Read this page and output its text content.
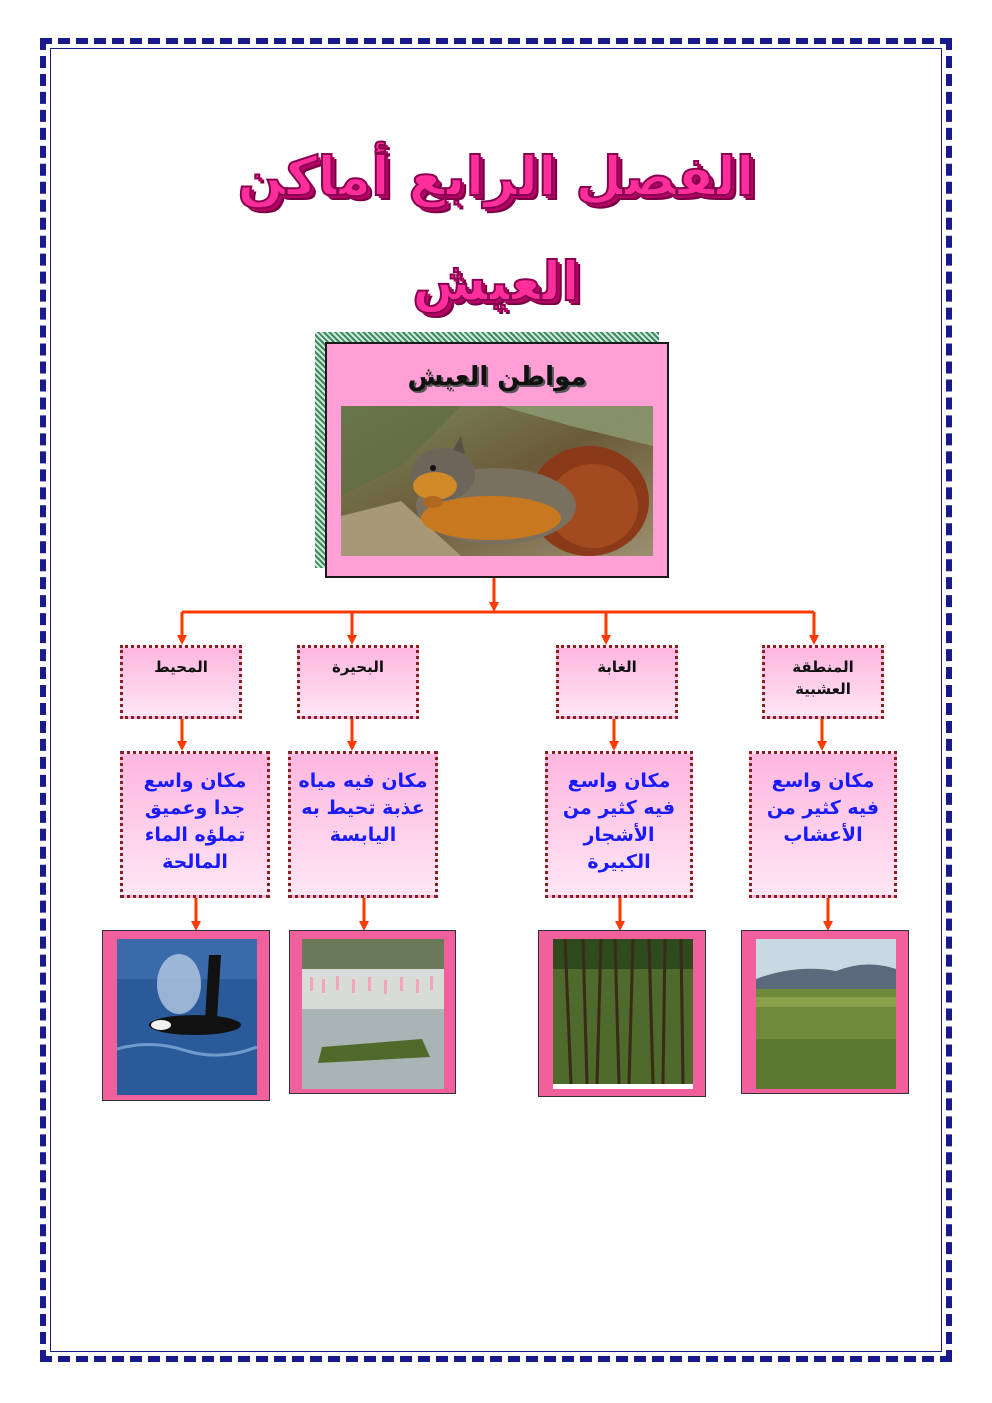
الفصل الرابع أماكن
العيش
مواطن العيش
المنطقة العشبية
الغابة
البحيرة
المحيط
مكان واسع فيه كثير من الأعشاب
مكان واسع فيه كثير من الأشجار الكبيرة
مكان فيه مياه عذبة تحيط به اليابسة
مكان واسع جدا وعميق تملؤه الماء المالحة
